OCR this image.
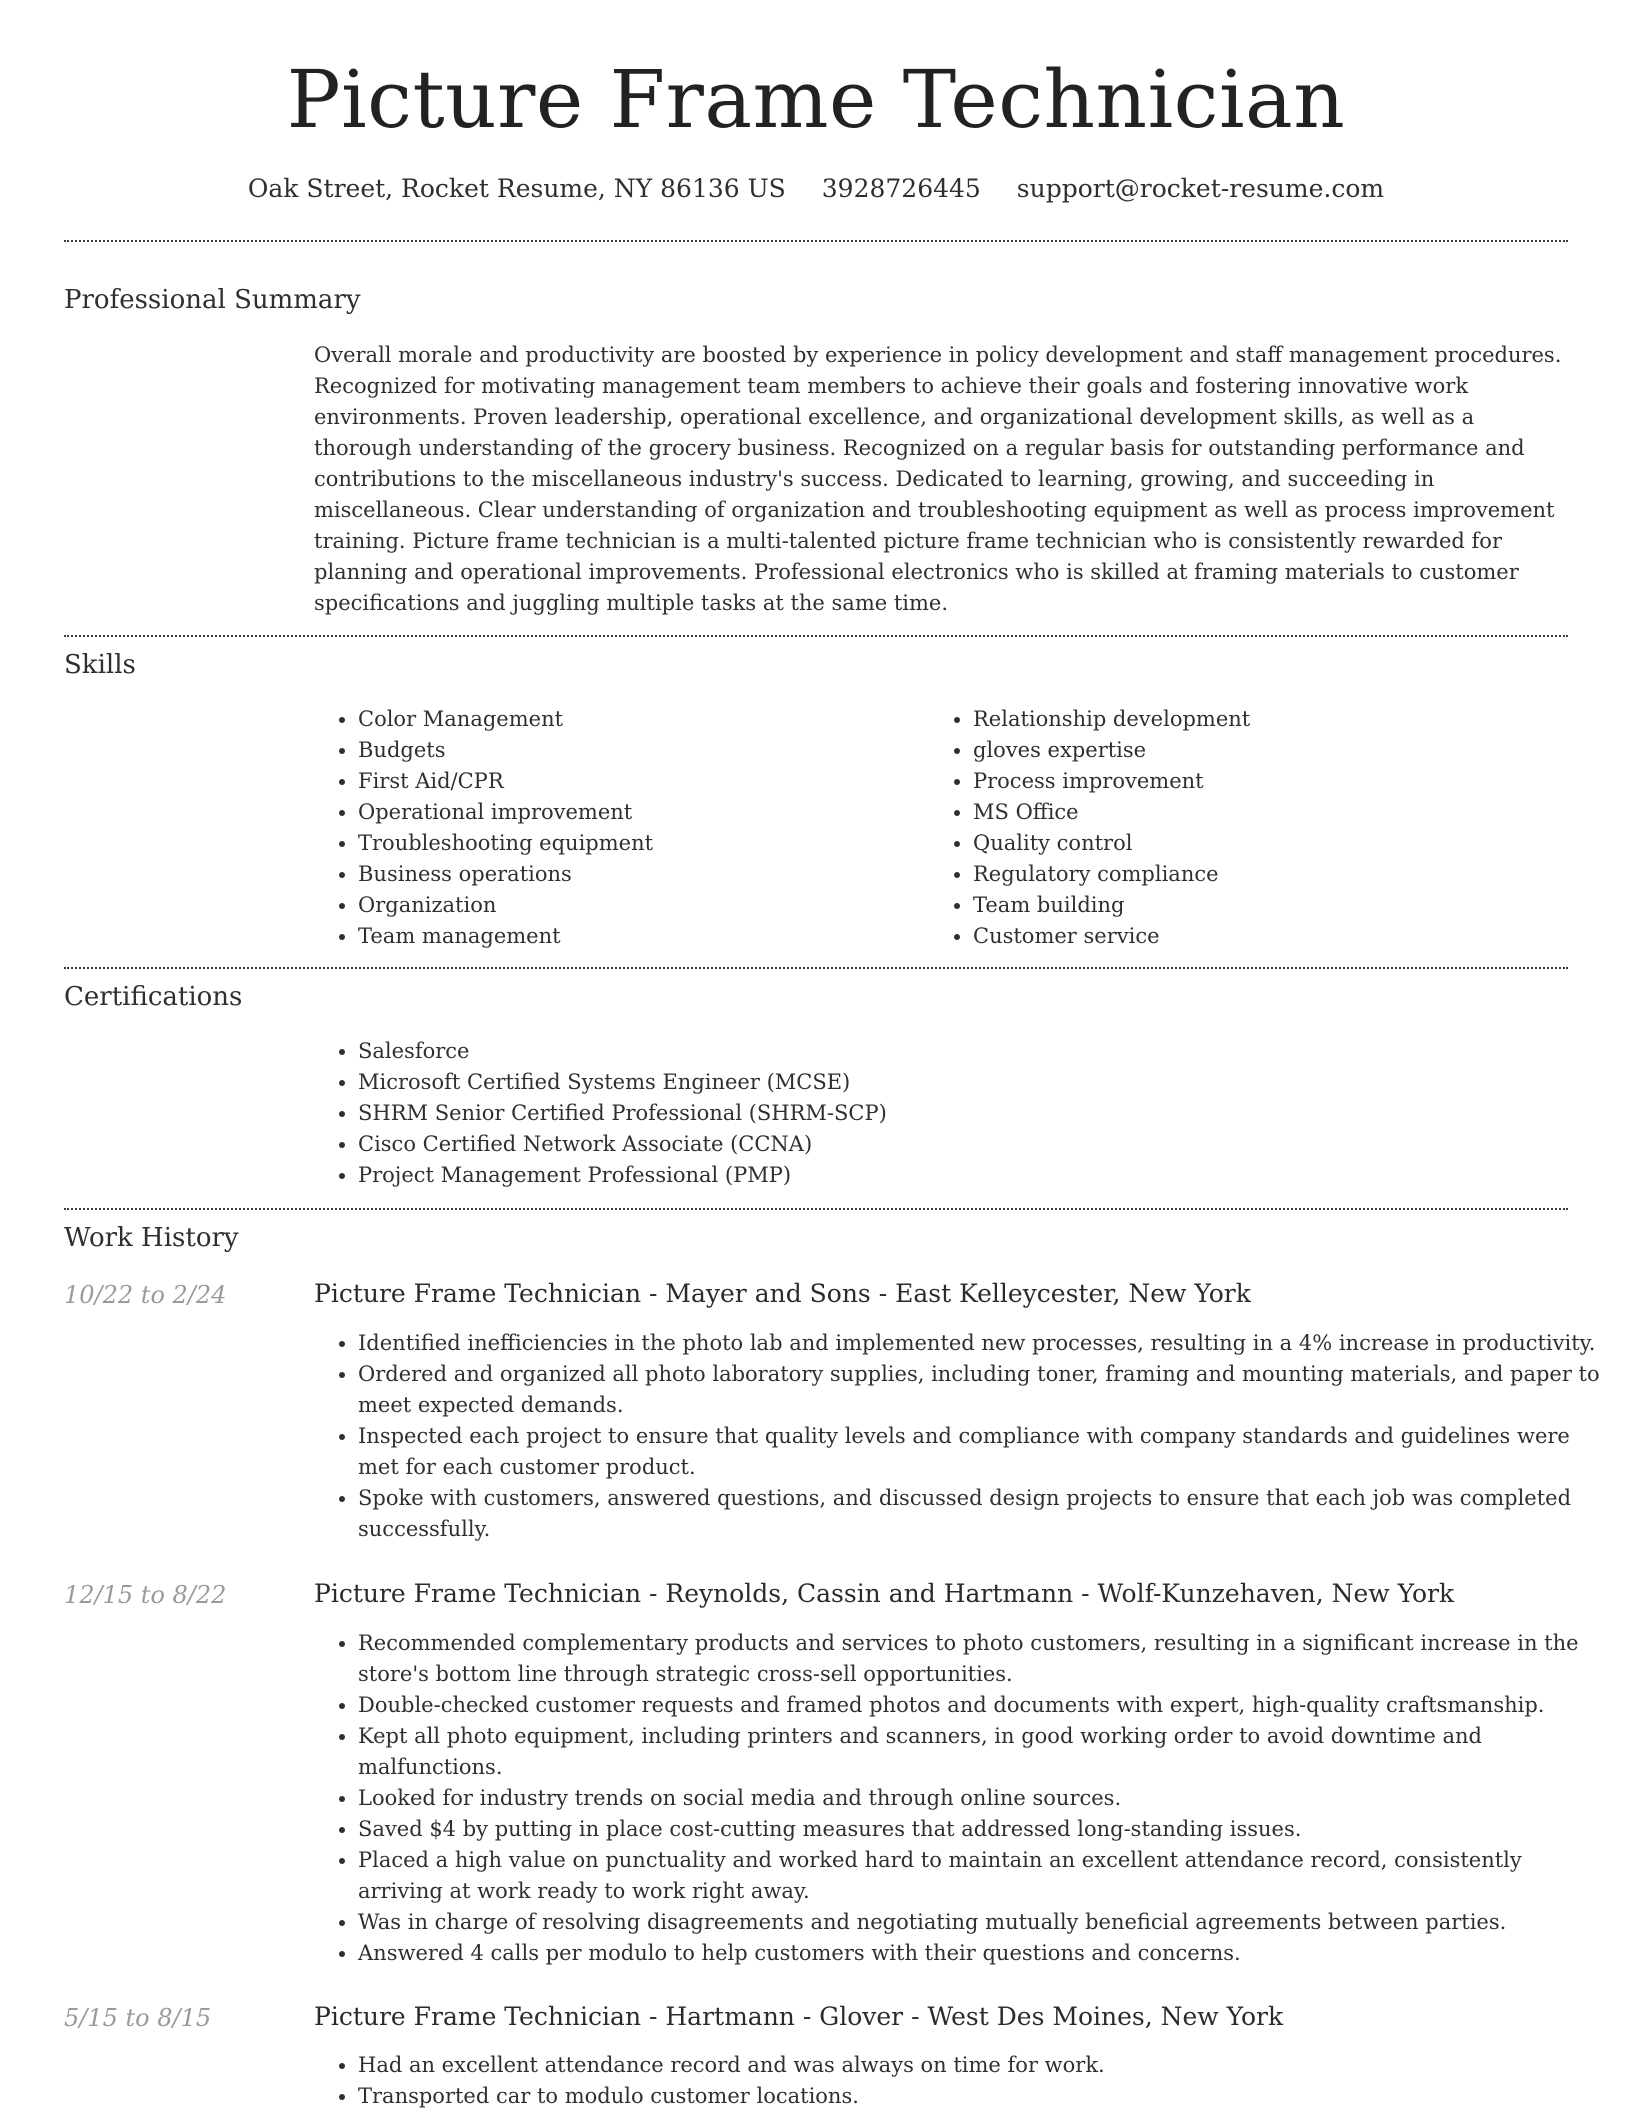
Picture Frame Technician
Oak Street, Rocket Resume, NY 86136 US 3928726445 support@rocket-resume.com
Professional Summary

Overall morale and productivity are boosted by experience in policy development and staff management procedures. Recognized for motivating management team members to achieve their goals and fostering innovative work environments. Proven leadership, operational excellence, and organizational development skills, as well as a thorough understanding of the grocery business. Recognized on a regular basis for outstanding performance and contributions to the miscellaneous industry's success. Dedicated to learning, growing, and succeeding in miscellaneous. Clear understanding of organization and troubleshooting equipment as well as process improvement training. Picture frame technician is a multi-talented picture frame technician who is consistently rewarded for planning and operational improvements. Professional electronics who is skilled at framing materials to customer specifications and juggling multiple tasks at the same time.

Skills
• Color Management
• Budgets
• First Aid/CPR
• Operational improvement
• Troubleshooting equipment
• Business operations
• Organization
• Team management
• Relationship development
• gloves expertise
• Process improvement
• MS Office
• Quality control
• Regulatory compliance
• Team building
• Customer service
Certifications
• Salesforce
• Microsoft Certified Systems Engineer (MCSE)
• SHRM Senior Certified Professional (SHRM-SCP)
• Cisco Certified Network Associate (CCNA)
• Project Management Professional (PMP)
Work History
10/22 to 2/24	Picture Frame Technician - Mayer and Sons - East Kelleycester, New York
• Identified inefficiencies in the photo lab and implemented new processes, resulting in a 4% increase in productivity.
• Ordered and organized all photo laboratory supplies, including toner, framing and mounting materials, and paper to meet expected demands.
• Inspected each project to ensure that quality levels and compliance with company standards and guidelines were met for each customer product.
• Spoke with customers, answered questions, and discussed design projects to ensure that each job was completed successfully.
12/15 to 8/22	Picture Frame Technician - Reynolds, Cassin and Hartmann - Wolf-Kunzehaven, New York
• Recommended complementary products and services to photo customers, resulting in a significant increase in the store's bottom line through strategic cross-sell opportunities.
• Double-checked customer requests and framed photos and documents with expert, high-quality craftsmanship.
• Kept all photo equipment, including printers and scanners, in good working order to avoid downtime and malfunctions.
• Looked for industry trends on social media and through online sources.
• Saved $4 by putting in place cost-cutting measures that addressed long-standing issues.
• Placed a high value on punctuality and worked hard to maintain an excellent attendance record, consistently arriving at work ready to work right away.
• Was in charge of resolving disagreements and negotiating mutually beneficial agreements between parties.
• Answered 4 calls per modulo to help customers with their questions and concerns.
5/15 to 8/15	Picture Frame Technician - Hartmann - Glover - West Des Moines, New York
• Had an excellent attendance record and was always on time for work.
• Transported car to modulo customer locations.
